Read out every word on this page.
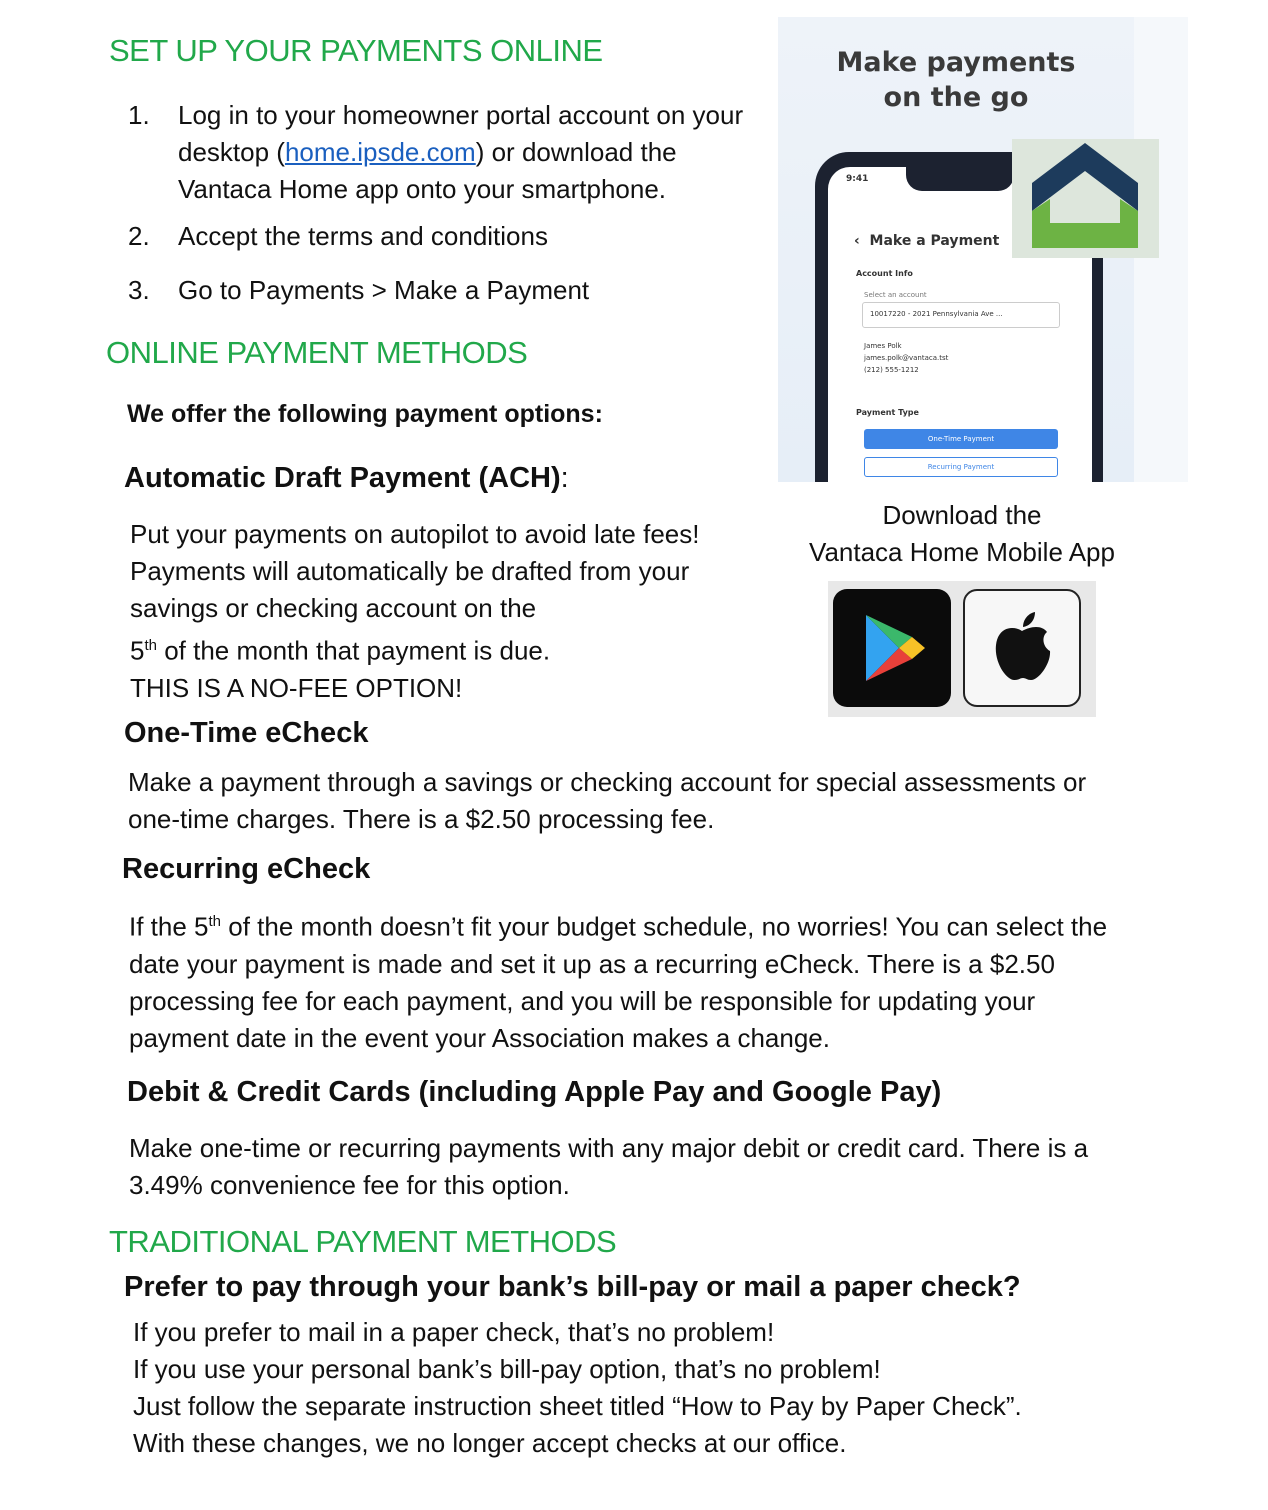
SET UP YOUR PAYMENTS ONLINE
1.	Log in to your homeowner portal account on your desktop (home.ipsde.com) or download the Vantaca Home app onto your smartphone.
2.	Accept the terms and conditions
3.	Go to Payments > Make a Payment
ONLINE PAYMENT METHODS
We offer the following payment options:
Automatic Draft Payment (ACH):
Put your payments on autopilot to avoid late fees! Payments will automatically be drafted from your savings or checking account on the
5th of the month that payment is due.
THIS IS A NO-FEE OPTION!
One-Time eCheck
Make a payment through a savings or checking account for special assessments or one-time charges. There is a $2.50 processing fee.
Recurring eCheck
If the 5th of the month doesn’t fit your budget schedule, no worries! You can select the date your payment is made and set it up as a recurring eCheck. There is a $2.50 processing fee for each payment, and you will be responsible for updating your payment date in the event your Association makes a change.
Debit & Credit Cards (including Apple Pay and Google Pay)
Make one-time or recurring payments with any major debit or credit card. There is a 3.49% convenience fee for this option.
TRADITIONAL PAYMENT METHODS
Prefer to pay through your bank’s bill-pay or mail a paper check?
If you prefer to mail in a paper check, that’s no problem!
If you use your personal bank’s bill-pay option, that’s no problem!
Just follow the separate instruction sheet titled “How to Pay by Paper Check”.
With these changes, we no longer accept checks at our office.
Make payments
on the go
9:41
‹  Make a Payment
Account Info
Select an account
10017220 - 2021 Pennsylvania Ave ...
James Polk
james.polk@vantaca.tst
(212) 555-1212
Payment Type
One-Time Payment
Recurring Payment
Download the
Vantaca Home Mobile App
